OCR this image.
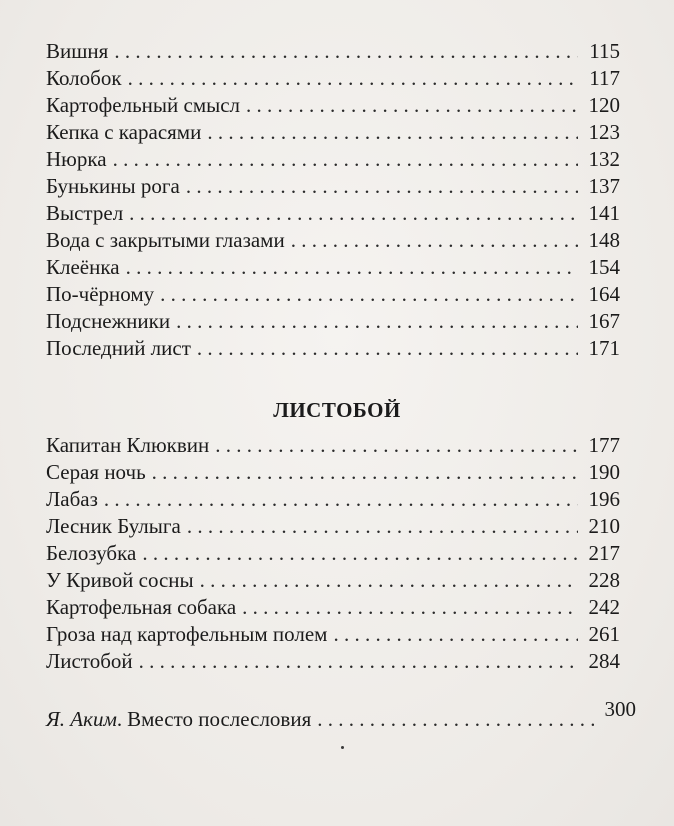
Вишня . . .	115
Колобок . . .	117
Картофельный смысл . . .	120
Кепка с карасями . . .	123
Нюрка . . .	132
Бунькины рога . . .	137
Выстрел . . .	141
Вода с закрытыми глазами . . .	148
Клеёнка . . .	154
По-чёрному . . .	164
Подснежники . . .	167
Последний лист . . .	171
ЛИСТОБОЙ
Капитан Клюквин . . .	177
Серая ночь . . .	190
Лабаз . . .	196
Лесник Булыга . . .	210
Белозубка . . .	217
У Кривой сосны . . .	228
Картофельная собака . . .	242
Гроза над картофельным полем . . .	261
Листобой . . .	284
Я. Аким . Вместо послесловия . . .	300
